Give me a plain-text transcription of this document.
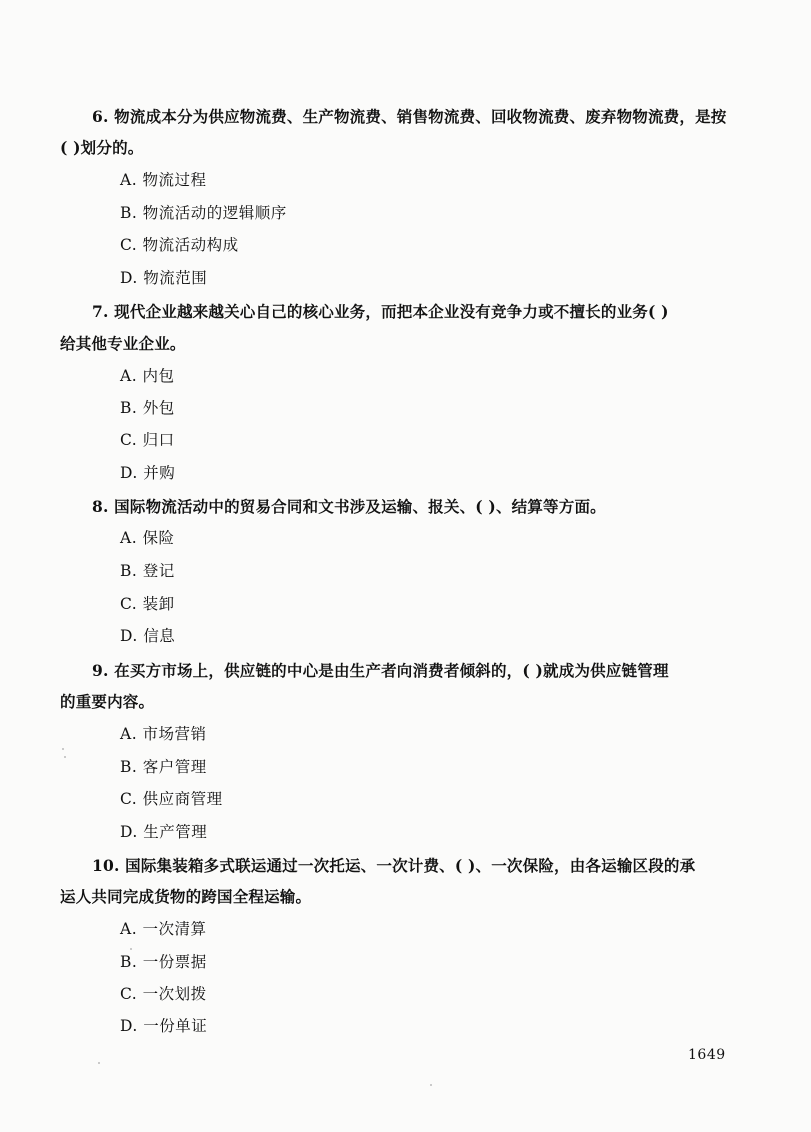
6. 物流成本分为供应物流费、生产物流费、销售物流费、回收物流费、废弃物物流费，是按
( )划分的。
A. 物流过程
B. 物流活动的逻辑顺序
C. 物流活动构成
D. 物流范围
7. 现代企业越来越关心自己的核心业务，而把本企业没有竞争力或不擅长的业务( )
给其他专业企业。
A. 内包
B. 外包
C. 归口
D. 并购
8. 国际物流活动中的贸易合同和文书涉及运输、报关、( )、结算等方面。
A. 保险
B. 登记
C. 装卸
D. 信息
9. 在买方市场上，供应链的中心是由生产者向消费者倾斜的，( )就成为供应链管理
的重要内容。
A. 市场营销
B. 客户管理
C. 供应商管理
D. 生产管理
10. 国际集装箱多式联运通过一次托运、一次计费、( )、一次保险，由各运输区段的承
运人共同完成货物的跨国全程运输。
A. 一次清算
B. 一份票据
C. 一次划拨
D. 一份单证
1649
